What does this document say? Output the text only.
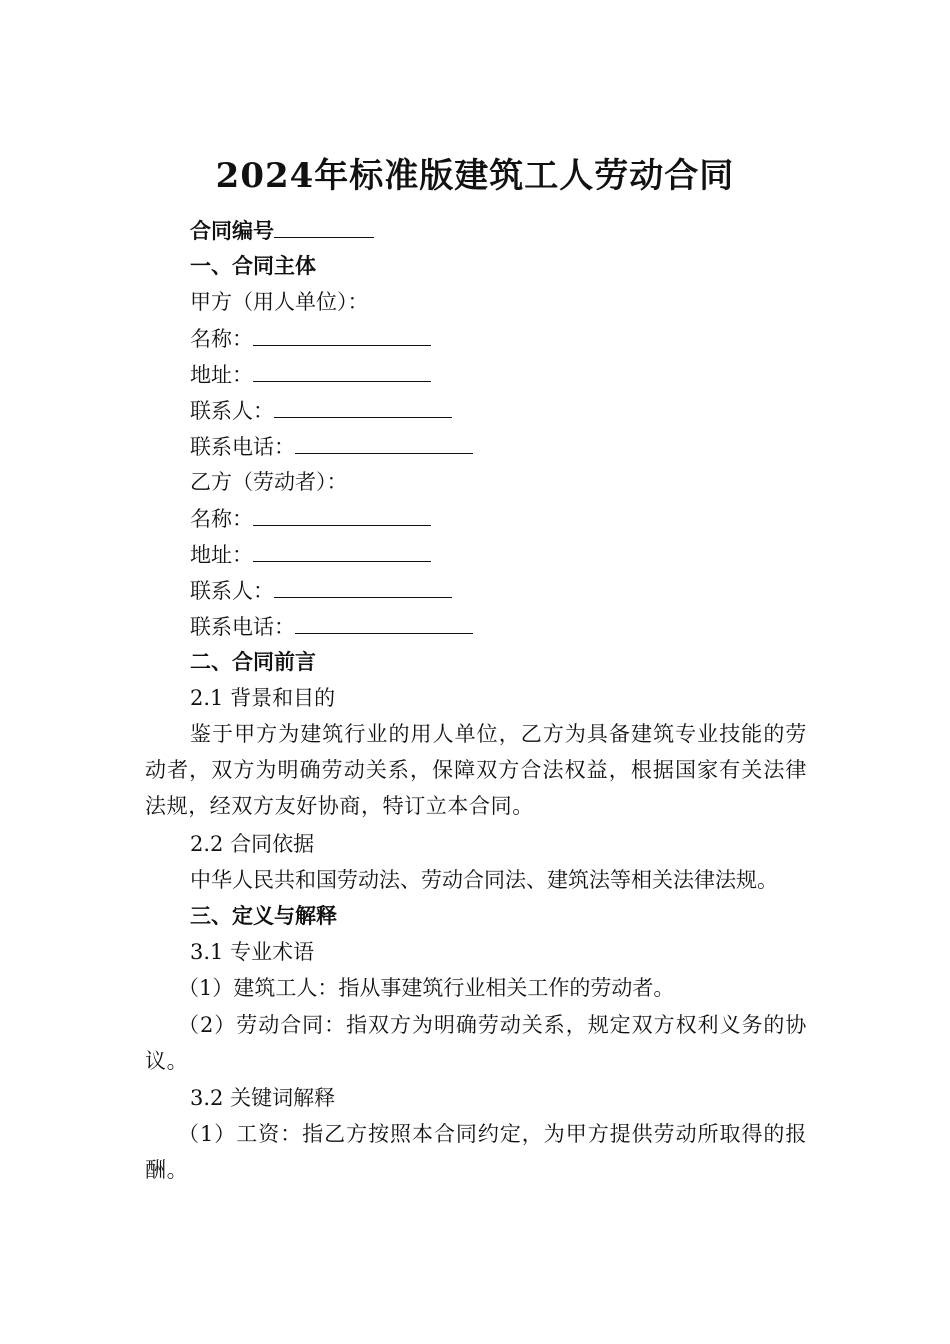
2024年标准版建筑工人劳动合同
合同编号
一、合同主体
甲方（用人单位）：
名称：
地址：
联系人：
联系电话：
乙方（劳动者）：
名称：
地址：
联系人：
联系电话：
二、合同前言
2.1 背景和目的
鉴于甲方为建筑行业的用人单位，乙方为具备建筑专业技能的劳动者，双方为明确劳动关系，保障双方合法权益，根据国家有关法律法规，经双方友好协商，特订立本合同。
2.2 合同依据
中华人民共和国劳动法、劳动合同法、建筑法等相关法律法规。
三、定义与解释
3.1 专业术语
（1）建筑工人：指从事建筑行业相关工作的劳动者。
（2）劳动合同：指双方为明确劳动关系，规定双方权利义务的协议。
3.2 关键词解释
（1）工资：指乙方按照本合同约定，为甲方提供劳动所取得的报酬。
